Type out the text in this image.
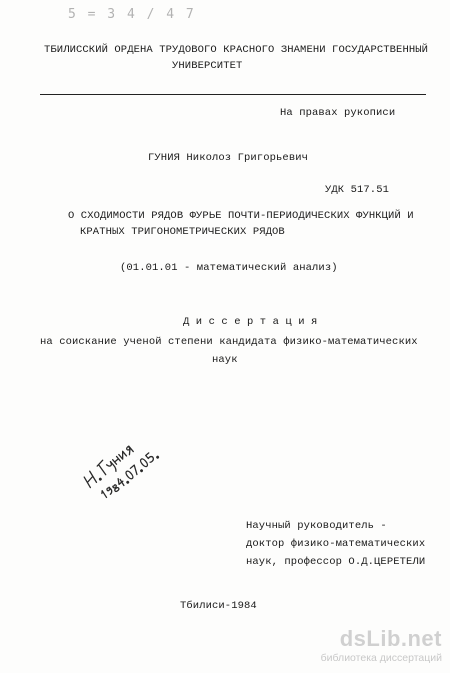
5 = 3 4 / 4 7
ТБИЛИССКИЙ ОРДЕНА ТРУДОВОГО КРАСНОГО ЗНАМЕНИ ГОСУДАРСТВЕННЫЙ
УНИВЕРСИТЕТ
На правах рукописи
ГУНИЯ Николоз Григорьевич
УДК 517.51
О СХОДИМОСТИ РЯДОВ ФУРЬЕ ПОЧТИ-ПЕРИОДИЧЕСКИХ ФУНКЦИЙ И
КРАТНЫХ ТРИГОНОМЕТРИЧЕСКИХ РЯДОВ
(01.01.01 - математический анализ)
Д и с с е р т а ц и я
на соискание ученой степени кандидата физико-математических
наук
Научный руководитель -
доктор физико-математических
наук, профессор О.Д.ЦЕРЕТЕЛИ
Тбилиси-1984
dsLib.net
библиотека диссертаций
